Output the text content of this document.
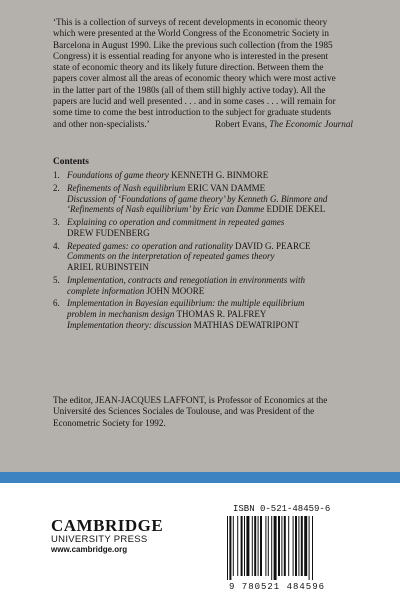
‘This is a collection of surveys of recent developments in economic theory

which were presented at the World Congress of the Econometric Society in

Barcelona in August 1990. Like the previous such collection (from the 1985

Congress) it is essential reading for anyone who is interested in the present

state of economic theory and its likely future direction. Between them the

papers cover almost all the areas of economic theory which were most active

in the latter part of the 1980s (all of them still highly active today). All the

papers are lucid and well presented . . . and in some cases . . . will remain for

some time to come the best introduction to the subject for graduate students

and other non-specialists.’	Robert Evans, The Economic Journal

Contents
1. Foundations of game theory KENNETH G. BINMORE
2. Refinements of Nash equilibrium ERIC VAN DAMME
Discussion of ‘Foundations of game theory’ by Kenneth G. Binmore and
‘Refinements of Nash equilibrium’ by Eric van Damme EDDIE DEKEL
3. Explaining co operation and commitment in repeated games
DREW FUDENBERG
4. Repeated games: co operation and rationality DAVID G. PEARCE
Comments on the interpretation of repeated games theory
ARIEL RUBINSTEIN
5. Implementation, contracts and renegotiation in environments with
complete information JOHN MOORE
6. Implementation in Bayesian equilibrium: the multiple equilibrium
problem in mechanism design THOMAS R. PALFREY
Implementation theory: discussion MATHIAS DEWATRIPONT

The editor, JEAN-JACQUES LAFFONT, is Professor of Economics at the

Université des Sciences Sociales de Toulouse, and was President of the

Econometric Society for 1992.

CAMBRIDGE
UNIVERSITY PRESS
www.cambridge.org
ISBN 0-521-48459-6
9 780521 484596
